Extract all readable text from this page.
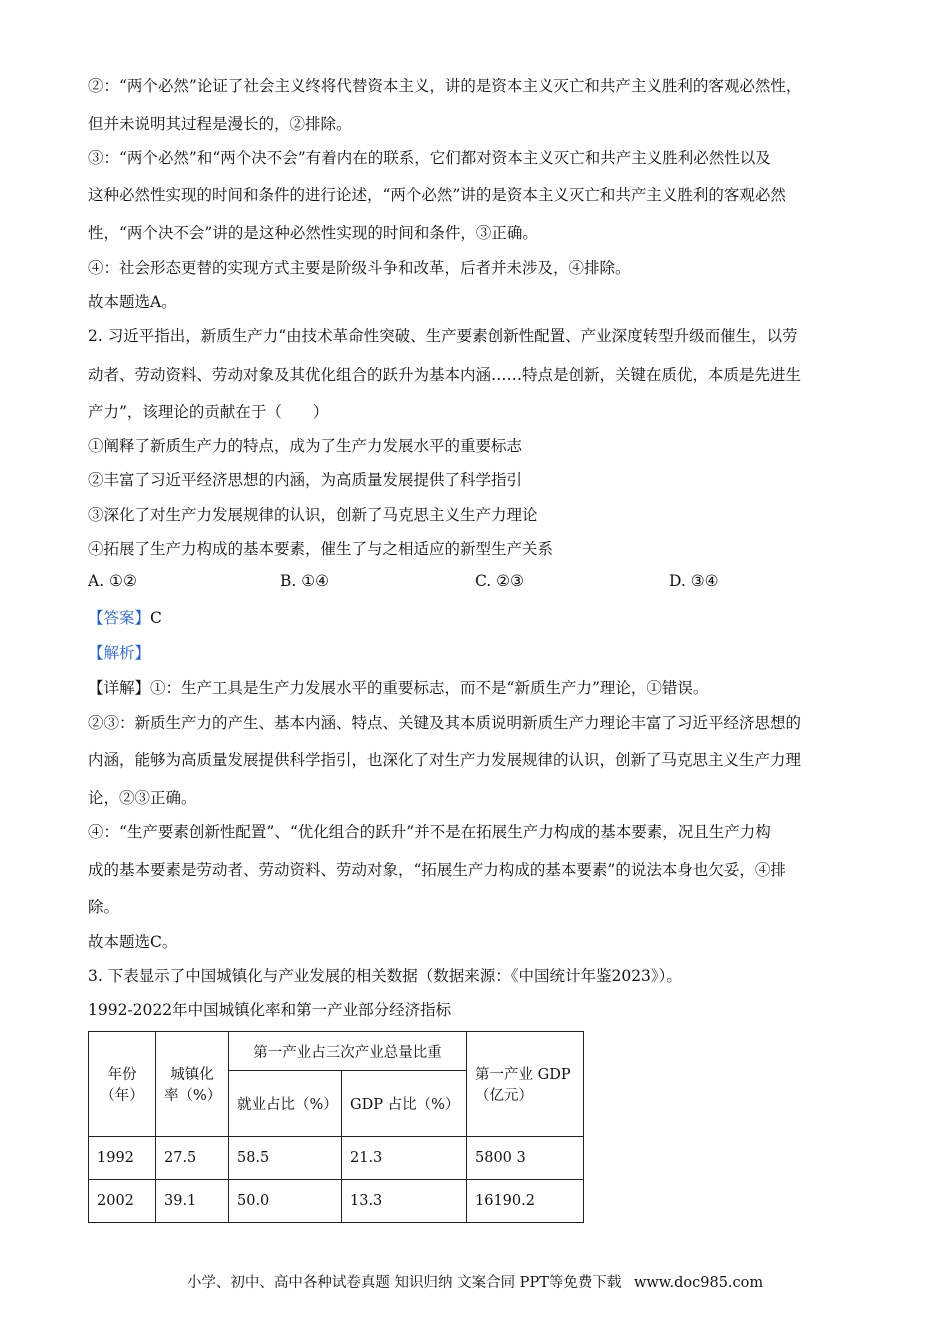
②：“两个必然”论证了社会主义终将代替资本主义，讲的是资本主义灭亡和共产主义胜利的客观必然性，
但并未说明其过程是漫长的，②排除。
③：“两个必然”和“两个决不会”有着内在的联系，它们都对资本主义灭亡和共产主义胜利必然性以及
这种必然性实现的时间和条件的进行论述，“两个必然”讲的是资本主义灭亡和共产主义胜利的客观必然
性，“两个决不会”讲的是这种必然性实现的时间和条件，③正确。
④：社会形态更替的实现方式主要是阶级斗争和改革，后者并未涉及，④排除。
故本题选A。
2. 习近平指出，新质生产力“由技术革命性突破、生产要素创新性配置、产业深度转型升级而催生，以劳
动者、劳动资料、劳动对象及其优化组合的跃升为基本内涵……特点是创新，关键在质优，本质是先进生
产力”，该理论的贡献在于（　　）
①阐释了新质生产力的特点，成为了生产力发展水平的重要标志
②丰富了习近平经济思想的内涵，为高质量发展提供了科学指引
③深化了对生产力发展规律的认识，创新了马克思主义生产力理论
④拓展了生产力构成的基本要素，催生了与之相适应的新型生产关系
A. ①②	B. ①④	C. ②③	D. ③④
【答案】C
【解析】
【详解】①：生产工具是生产力发展水平的重要标志，而不是“新质生产力”理论，①错误。
②③：新质生产力的产生、基本内涵、特点、关键及其本质说明新质生产力理论丰富了习近平经济思想的
内涵，能够为高质量发展提供科学指引，也深化了对生产力发展规律的认识，创新了马克思主义生产力理
论，②③正确。
④：“生产要素创新性配置”、“优化组合的跃升”并不是在拓展生产力构成的基本要素，况且生产力构
成的基本要素是劳动者、劳动资料、劳动对象，“拓展生产力构成的基本要素”的说法本身也欠妥，④排
除。
故本题选C。
3. 下表显示了中国城镇化与产业发展的相关数据（数据来源：《中国统计年鉴2023》）。
1992-2022年中国城镇化率和第一产业部分经济指标
年份（年）	城镇化率（%）	第一产业占三次产业总量比重		第一产业 GDP（亿元）
		就业占比（%）	GDP 占比（%）	
1992	27.5	58.5	21.3	5800 3
2002	39.1	50.0	13.3	16190.2
小学、初中、高中各种试卷真题 知识归纳 文案合同 PPT等免费下载 www.doc985.com
